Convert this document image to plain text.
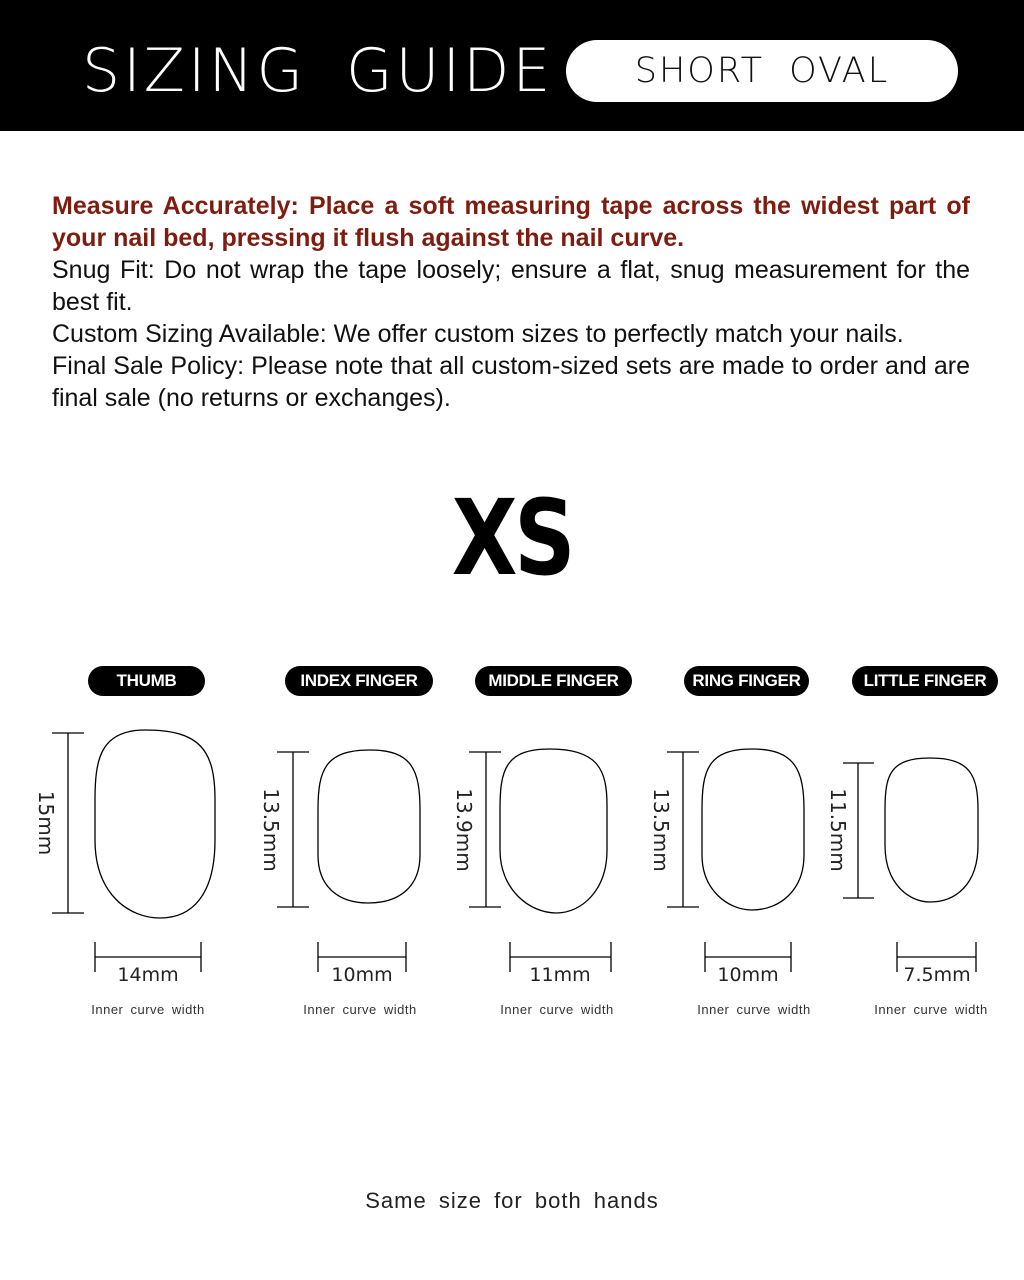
SIZING GUIDE	SHORT OVAL

Measure Accurately: Place a soft measuring tape across the widest part of your nail bed, pressing it flush against the nail curve.

Snug Fit: Do not wrap the tape loosely; ensure a flat, snug measurement for the best fit.

Custom Sizing Available: We offer custom sizes to perfectly match your nails.

Final Sale Policy: Please note that all custom-sized sets are made to order and are final sale (no returns or exchanges).

XS
THUMB	INDEX FINGER	MIDDLE FINGER	RING FINGER	LITTLE FINGER
15mm	13.5mm	13.9mm	13.5mm	11.5mm
14mm	10mm	11mm	10mm	7.5mm
Inner curve width	Inner curve width	Inner curve width	Inner curve width	Inner curve width
Same size for both hands
